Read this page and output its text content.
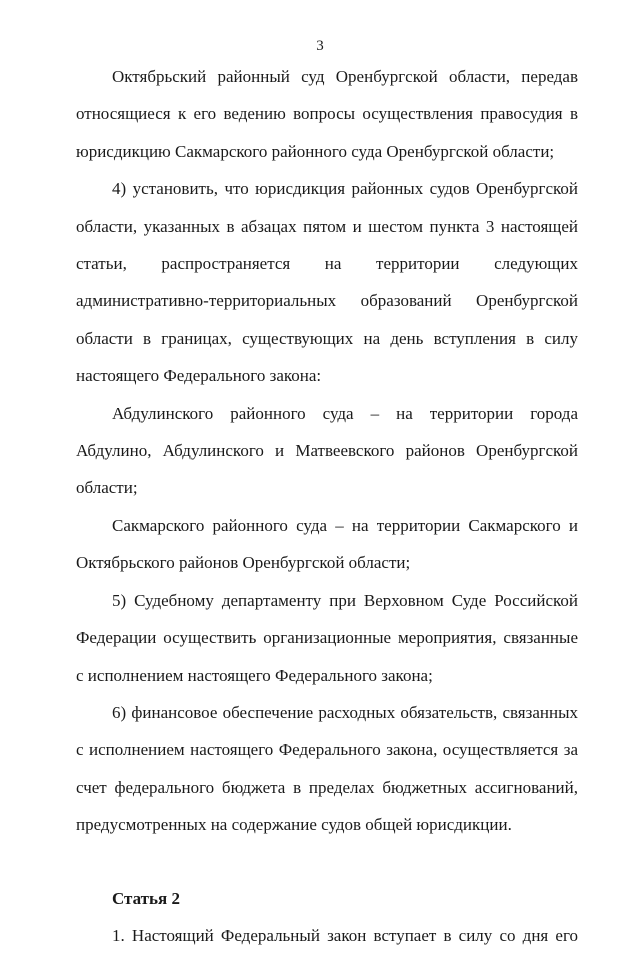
3

Октябрьский районный суд Оренбургской области, передав относящиеся к его ведению вопросы осуществления правосудия в юрисдикцию Сакмарского районного суда Оренбургской области;

4) установить, что юрисдикция районных судов Оренбургской области, указанных в абзацах пятом и шестом пункта 3 настоящей статьи, распространяется на территории следующих административно-территориальных образований Оренбургской области в границах, существующих на день вступления в силу настоящего Федерального закона:

Абдулинского районного суда – на территории города Абдулино, Абдулинского и Матвеевского районов Оренбургской области;

Сакмарского районного суда – на территории Сакмарского и Октябрьского районов Оренбургской области;

5) Судебному департаменту при Верховном Суде Российской Федерации осуществить организационные мероприятия, связанные с исполнением настоящего Федерального закона;

6) финансовое обеспечение расходных обязательств, связанных с исполнением настоящего Федерального закона, осуществляется за счет федерального бюджета в пределах бюджетных ассигнований, предусмотренных на содержание судов общей юрисдикции.

Статья 2

1. Настоящий Федеральный закон вступает в силу со дня его
